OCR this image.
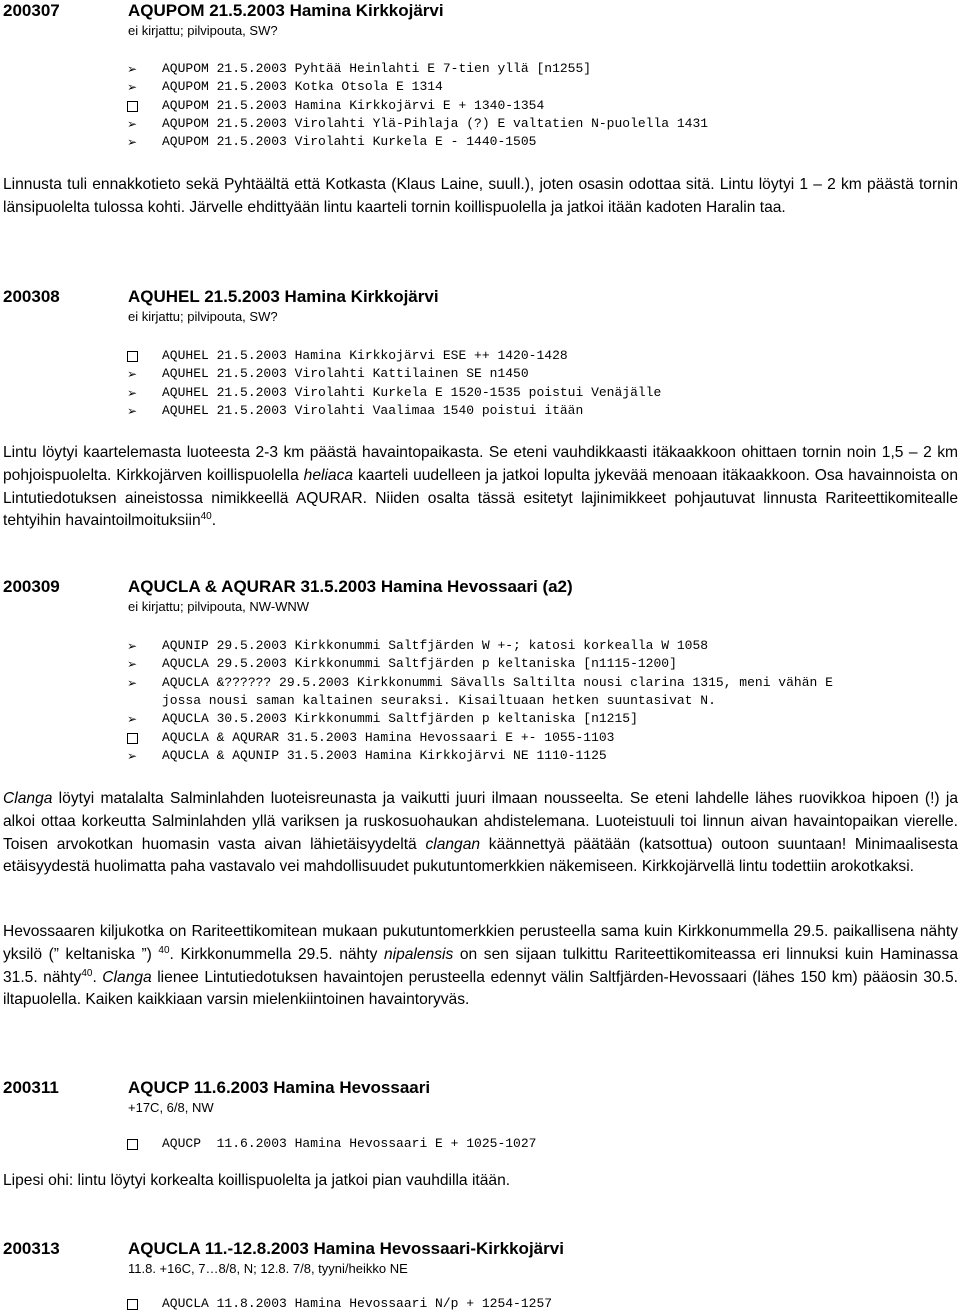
200307	AQUPOM 21.5.2003 Hamina Kirkkojärvi
ei kirjattu; pilvipouta, SW?
➢
AQUPOM 21.5.2003 Pyhtää Heinlahti E 7-tien yllä [n1255]
➢
AQUPOM 21.5.2003 Kotka Otsola E 1314
AQUPOM 21.5.2003 Hamina Kirkkojärvi E + 1340-1354
➢
AQUPOM 21.5.2003 Virolahti Ylä-Pihlaja (?) E valtatien N-puolella 1431
➢
AQUPOM 21.5.2003 Virolahti Kurkela E - 1440-1505
Linnusta tuli ennakkotieto sekä Pyhtäältä että Kotkasta (Klaus Laine, suull.), joten osasin odottaa sitä. Lintu löytyi 1 – 2 km päästä tornin länsipuolelta tulossa kohti. Järvelle ehdittyään lintu kaarteli tornin koillispuolella ja jatkoi itään kadoten Haralin taa.
200308	AQUHEL 21.5.2003 Hamina Kirkkojärvi
ei kirjattu; pilvipouta, SW?
AQUHEL 21.5.2003 Hamina Kirkkojärvi ESE ++ 1420-1428
➢
AQUHEL 21.5.2003 Virolahti Kattilainen SE n1450
➢
AQUHEL 21.5.2003 Virolahti Kurkela E 1520-1535 poistui Venäjälle
➢
AQUHEL 21.5.2003 Virolahti Vaalimaa 1540 poistui itään
Lintu löytyi kaartelemasta luoteesta 2-3 km päästä havaintopaikasta. Se eteni vauhdikkaasti itäkaakkoon ohittaen tornin noin 1,5 – 2 km pohjoispuolelta. Kirkkojärven koillispuolella heliaca kaarteli uudelleen ja jatkoi lopulta jykevää menoaan itäkaakkoon. Osa havainnoista on Lintutiedotuksen aineistossa nimikkeellä AQURAR. Niiden osalta tässä esitetyt lajinimikkeet pohjautuvat linnusta Rariteettikomitealle tehtyihin havaintoilmoituksiin$^{40}$.
200309	AQUCLA & AQURAR 31.5.2003 Hamina Hevossaari (a2)
ei kirjattu; pilvipouta, NW-WNW
➢
AQUNIP 29.5.2003 Kirkkonummi Saltfjärden W +-; katosi korkealla W 1058
➢
AQUCLA 29.5.2003 Kirkkonummi Saltfjärden p keltaniska [n1115-1200]
➢
AQUCLA &?????? 29.5.2003 Kirkkonummi Sävalls Saltilta nousi clarina 1315, meni vähän E
jossa nousi saman kaltainen seuraksi. Kisailtuaan hetken suuntasivat N.
➢
AQUCLA 30.5.2003 Kirkkonummi Saltfjärden p keltaniska [n1215]
AQUCLA & AQURAR 31.5.2003 Hamina Hevossaari E +- 1055-1103
➢
AQUCLA & AQUNIP 31.5.2003 Hamina Kirkkojärvi NE 1110-1125
Clanga löytyi matalalta Salminlahden luoteisreunasta ja vaikutti juuri ilmaan nousseelta. Se eteni lahdelle lähes ruovikkoa hipoen (!) ja alkoi ottaa korkeutta Salminlahden yllä variksen ja ruskosuohaukan ahdistelemana. Luoteistuuli toi linnun aivan havaintopaikan vierelle. Toisen arvokotkan huomasin vasta aivan lähietäisyydeltä clangan käännettyä päätään (katsottua) outoon suuntaan! Minimaalisesta etäisyydestä huolimatta paha vastavalo vei mahdollisuudet pukutuntomerkkien näkemiseen. Kirkkojärvellä lintu todettiin arokotkaksi.
Hevossaaren kiljukotka on Rariteettikomitean mukaan pukutuntomerkkien perusteella sama kuin Kirkkonummella 29.5. paikallisena nähty yksilö (” keltaniska ”) $^{40}$. Kirkkonummella 29.5. nähty nipalensis on sen sijaan tulkittu Rariteettikomiteassa eri linnuksi kuin Haminassa 31.5. nähty$^{40}$. Clanga lienee Lintutiedotuksen havaintojen perusteella edennyt välin Saltfjärden-Hevossaari (lähes 150 km) pääosin 30.5. iltapuolella. Kaiken kaikkiaan varsin mielenkiintoinen havaintoryväs.
200311	AQUCP 11.6.2003 Hamina Hevossaari
+17C, 6/8, NW
AQUCP  11.6.2003 Hamina Hevossaari E + 1025-1027
Lipesi ohi: lintu löytyi korkealta koillispuolelta ja jatkoi pian vauhdilla itään.
200313	AQUCLA 11.-12.8.2003 Hamina Hevossaari-Kirkkojärvi
11.8. +16C, 7…8/8, N; 12.8. 7/8, tyyni/heikko NE
AQUCLA 11.8.2003 Hamina Hevossaari N/p + 1254-1257
